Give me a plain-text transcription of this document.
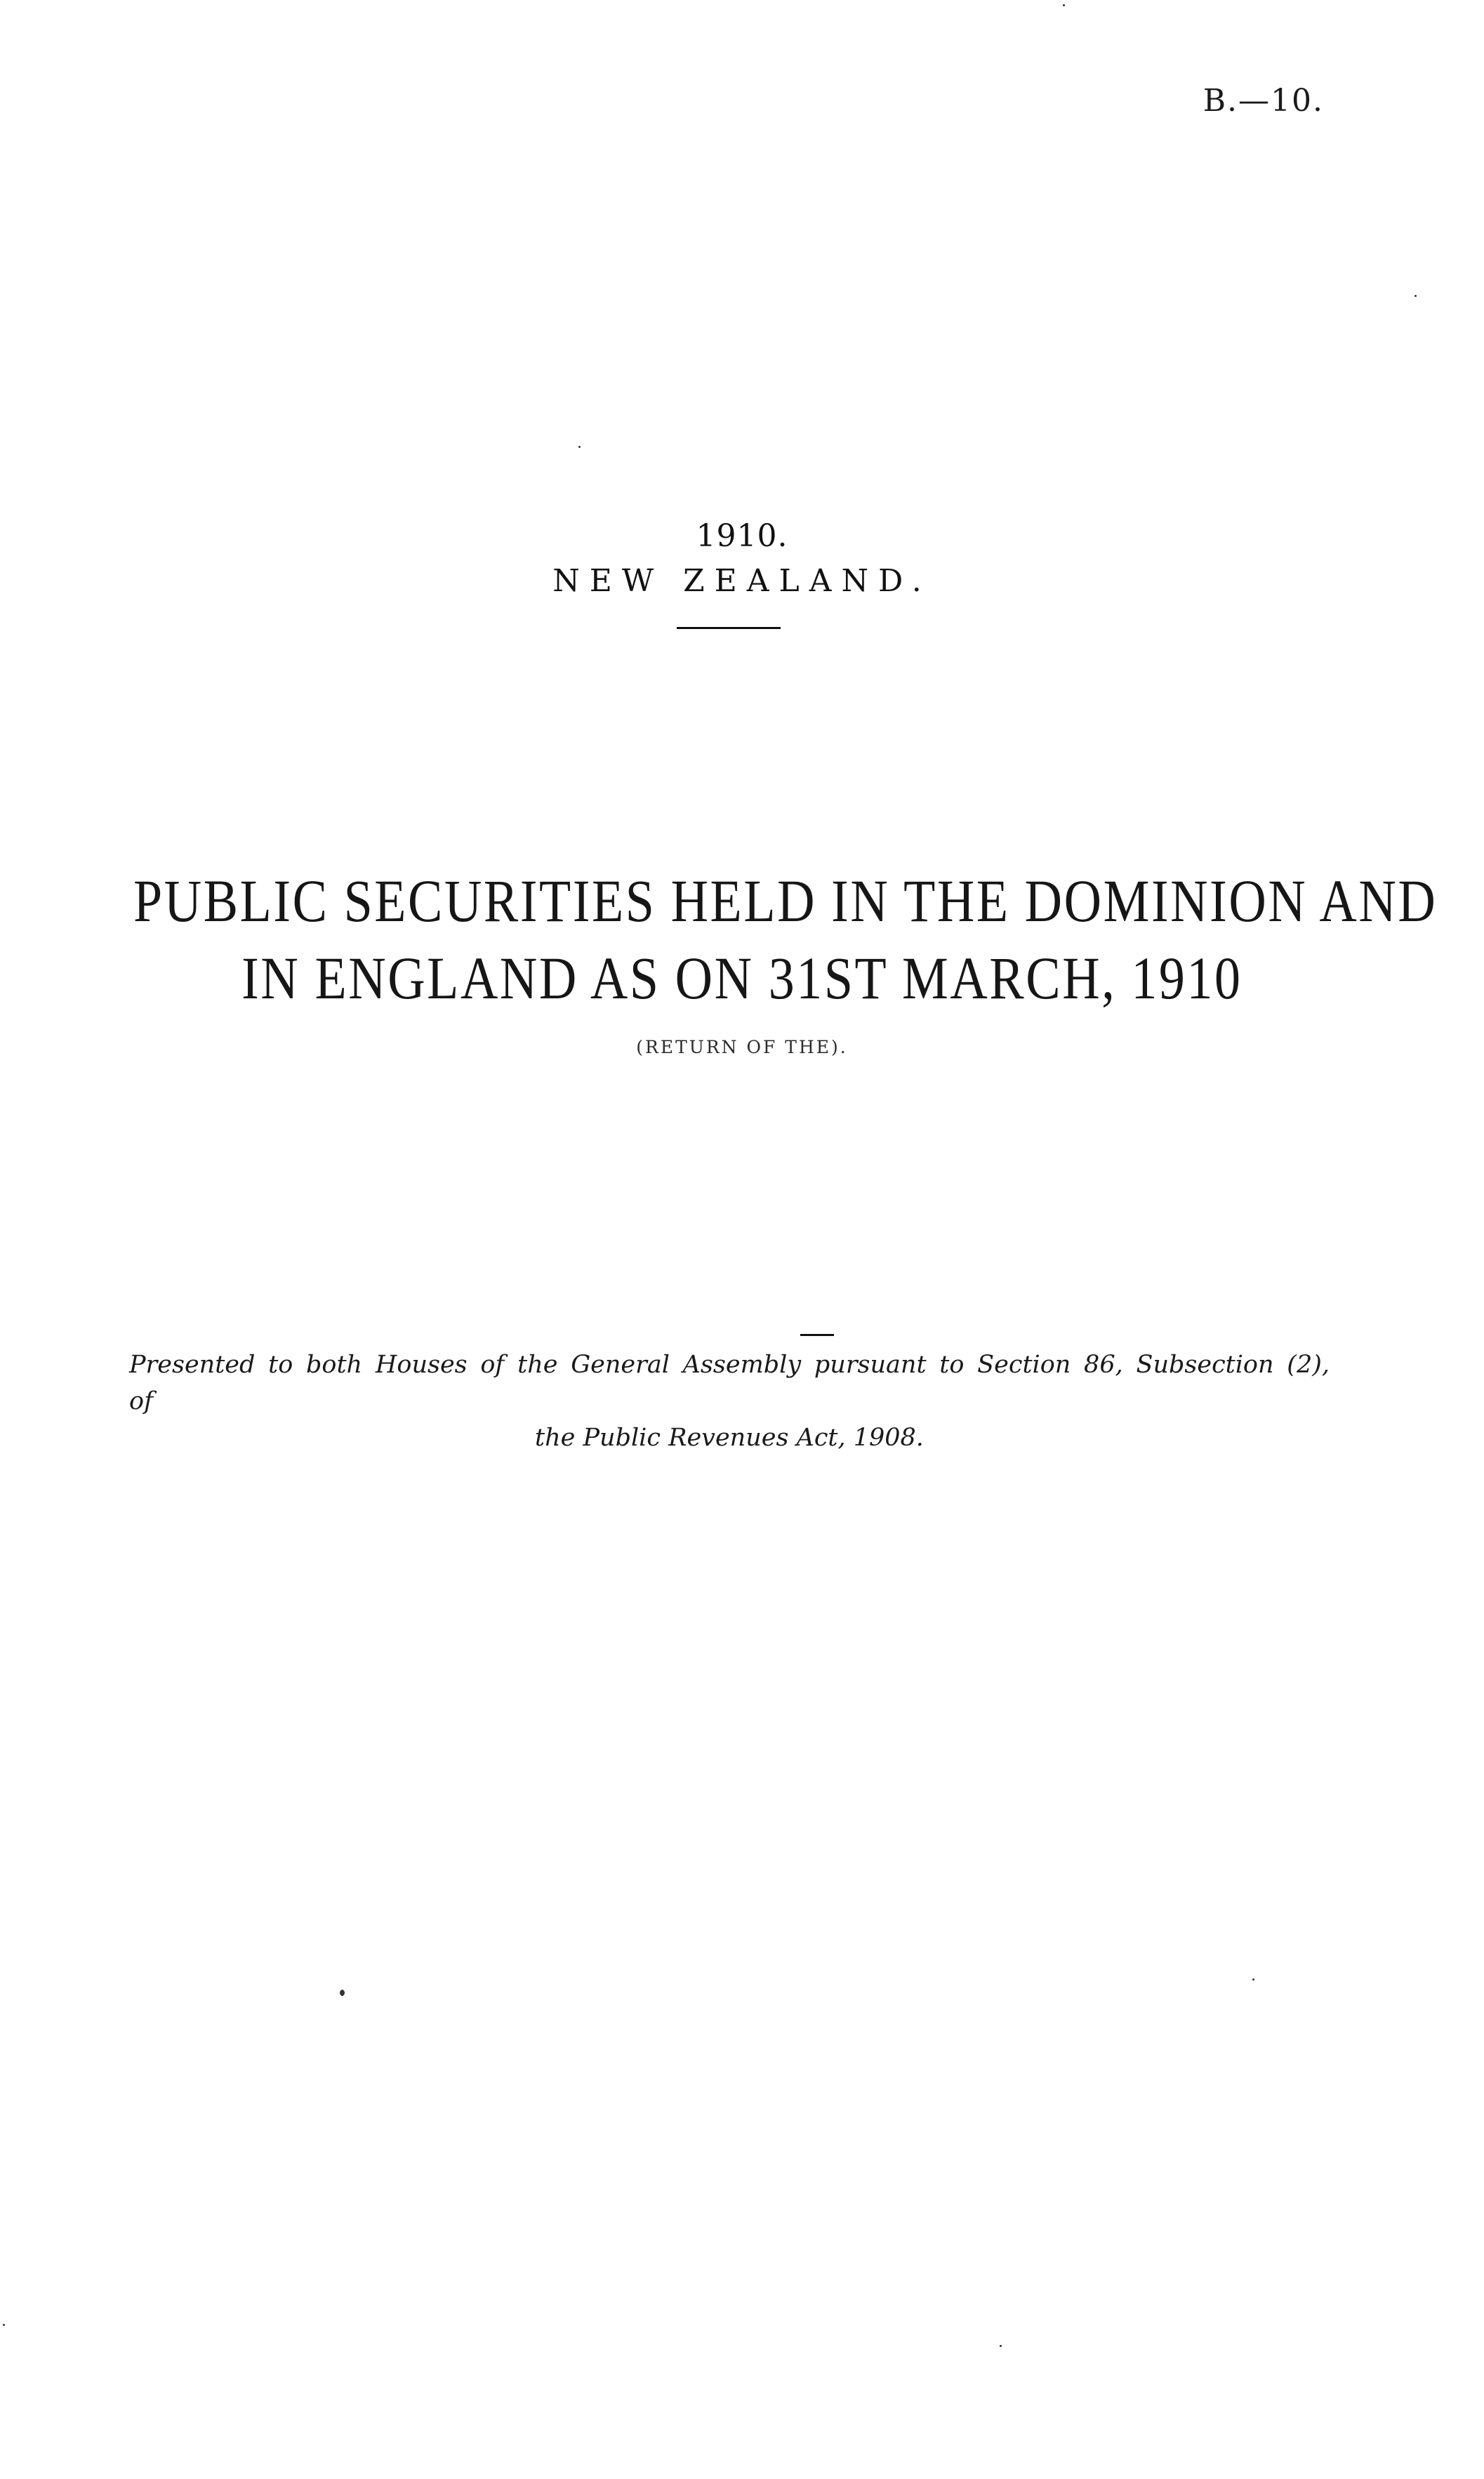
B.—10.
1910.
NEW ZEALAND.
PUBLIC SECURITIES HELD IN THE DOMINION AND
IN ENGLAND AS ON 31ST MARCH, 1910
(RETURN OF THE).
Presented to both Houses of the General Assembly pursuant to Section 86, Subsection (2), of
the Public Revenues Act, 1908.
